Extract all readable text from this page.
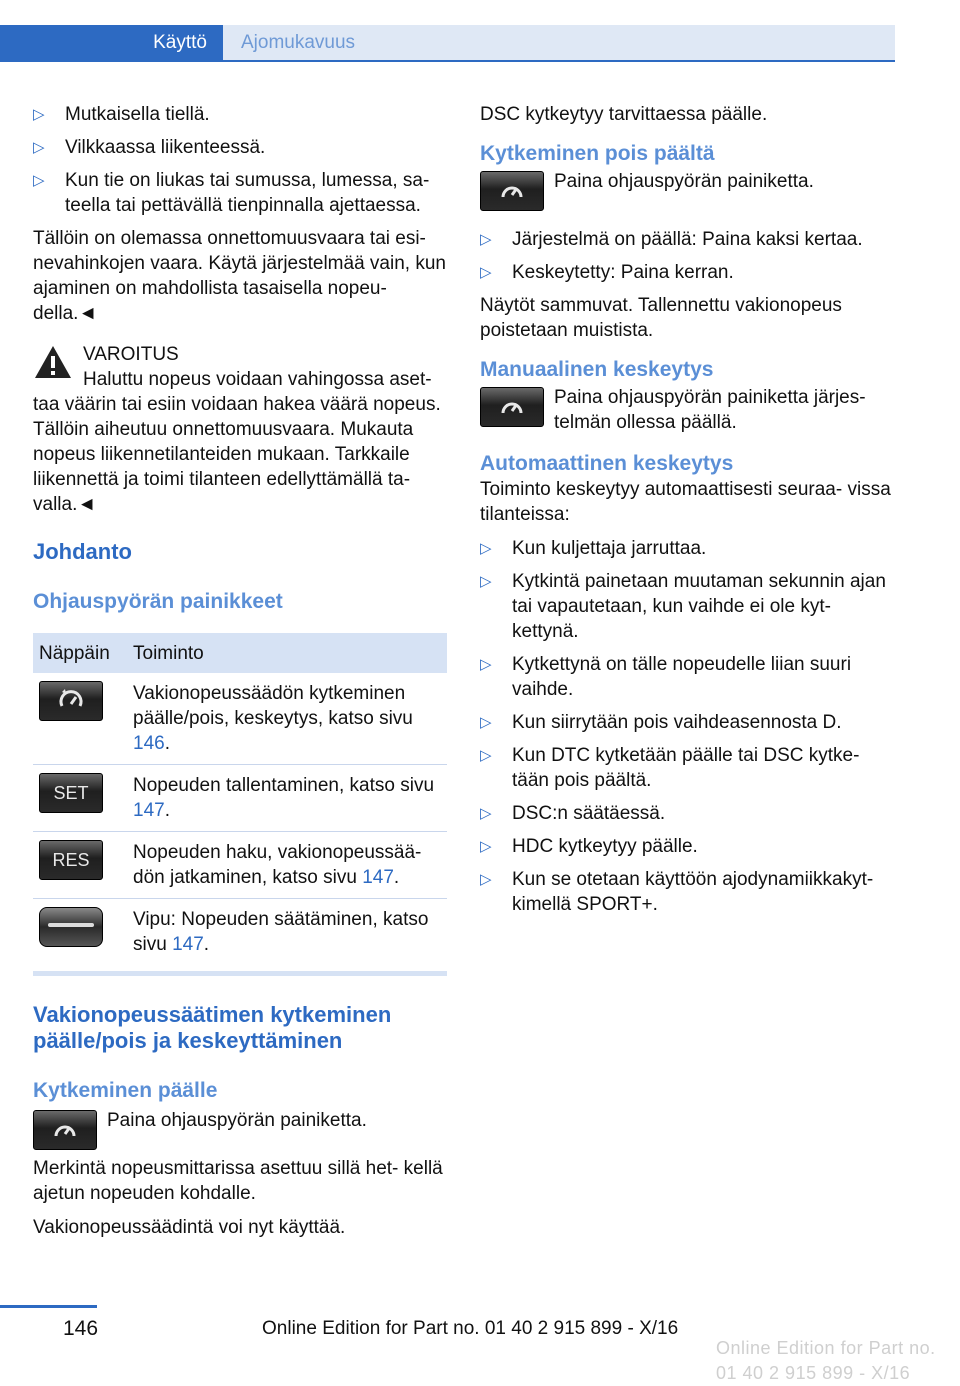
Käyttö	Ajomukavuus
▷ Mutkaisella tiellä.
▷ Vilkkaassa liikenteessä.
▷ Kun tie on liukas tai sumussa, lumessa, sa‐
teella tai pettävällä tienpinnalla ajettaessa.

Tällöin on olemassa onnettomuusvaara tai esi‐ nevahinkojen vaara. Käytä järjestelmää vain, kun ajaminen on mahdollista tasaisella nopeu‐ della.◄

VAROITUS
Haluttu nopeus voidaan vahingossa aset‐

taa väärin tai esiin voidaan hakea väärä nopeus. Tällöin aiheutuu onnettomuusvaara. Mukauta nopeus liikennetilanteiden mukaan. Tarkkaile liikennettä ja toimi tilanteen edellyttämällä ta‐ valla.◄

Johdanto
Ohjauspyörän painikkeet
Näppäin	Toiminto

	Vakionopeussäädön kytkeminen päälle/pois, keskeytys, katso sivu 146.

SET	Nopeuden tallentaminen, katso sivu 147.

RES	Nopeuden haku, vakionopeussää‐ dön jatkaminen, katso sivu 147.

	Vipu: Nopeuden säätäminen, katso sivu 147.
Vakionopeussäätimen kytkeminen päälle/pois ja keskeyttäminen
Kytkeminen päälle
Paina ohjauspyörän painiketta.

Merkintä nopeusmittarissa asettuu sillä het‐ kellä ajetun nopeuden kohdalle.

Vakionopeussäädintä voi nyt käyttää.

DSC kytkeytyy tarvittaessa päälle.

Kytkeminen pois päältä
Paina ohjauspyörän painiketta.
▷ Järjestelmä on päällä: Paina kaksi kertaa.
▷ Keskeytetty: Paina kerran.

Näytöt sammuvat. Tallennettu vakionopeus poistetaan muistista.

Manuaalinen keskeytys
Paina ohjauspyörän painiketta järjes‐ telmän ollessa päällä.
Automaattinen keskeytys

Toiminto keskeytyy automaattisesti seuraa‐ vissa tilanteissa:

▷ Kun kuljettaja jarruttaa.
▷ Kytkintä painetaan muutaman sekunnin ajan tai vapautetaan, kun vaihde ei ole kyt‐ kettynä.
▷ Kytkettynä on tälle nopeudelle liian suuri vaihde.
▷ Kun siirrytään pois vaihdeasennosta D.
▷ Kun DTC kytketään päälle tai DSC kytke‐ tään pois päältä.
▷ DSC:n säätäessä.
▷ HDC kytkeytyy päälle.
▷ Kun se otetaan käyttöön ajodynamiikkakyt‐ kimellä SPORT+.
146	Online Edition for Part no. 01 40 2 915 899 - X/16
Online Edition for Part no. 01 40 2 915 899 - X/16
